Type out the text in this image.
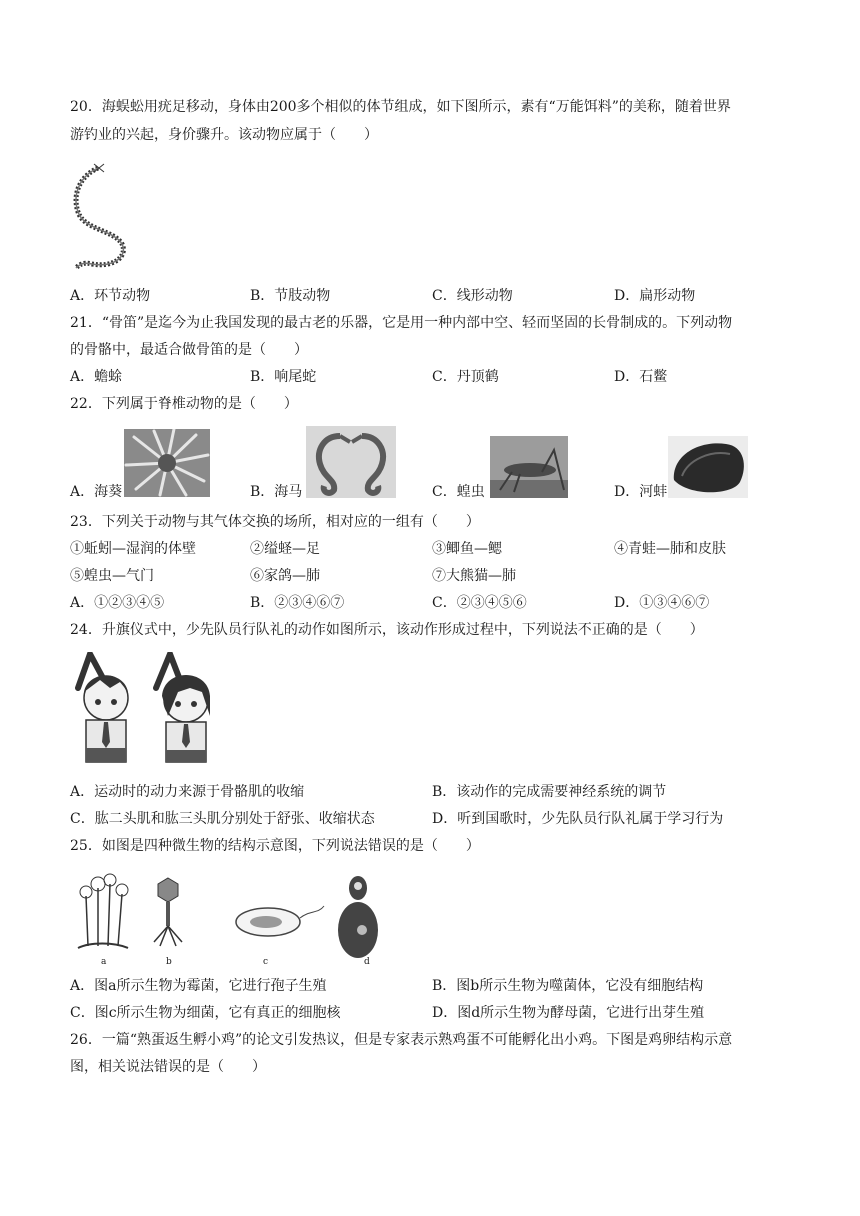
20．海蜈蚣用疣足移动，身体由200多个相似的体节组成，如下图所示，素有“万能饵料”的美称，随着世界
游钓业的兴起，身价骤升。该动物应属于（　　）
A．环节动物	B．节肢动物	C．线形动物	D．扁形动物
21．“骨笛”是迄今为止我国发现的最古老的乐器，它是用一种内部中空、轻而坚固的长骨制成的。下列动物
的骨骼中，最适合做骨笛的是（　　）
A．蟾蜍	B．响尾蛇	C．丹顶鹤	D．石鳖
22．下列属于脊椎动物的是（　　）
A．海葵	B．海马	C．蝗虫	D．河蚌
23．下列关于动物与其气体交换的场所，相对应的一组有（　　）
①蚯蚓—湿润的体壁	②缢蛏—足	③鲫鱼—鳃	④青蛙—肺和皮肤
⑤蝗虫—气门	⑥家鸽—肺	⑦大熊猫—肺
A．①②③④⑤	B．②③④⑥⑦	C．②③④⑤⑥	D．①③④⑥⑦
24．升旗仪式中，少先队员行队礼的动作如图所示，该动作形成过程中，下列说法不正确的是（　　）
A．运动时的动力来源于骨骼肌的收缩	B．该动作的完成需要神经系统的调节
C．肱二头肌和肱三头肌分别处于舒张、收缩状态	D．听到国歌时，少先队员行队礼属于学习行为
25．如图是四种微生物的结构示意图，下列说法错误的是（　　）
a	b	c	d
A．图a所示生物为霉菌，它进行孢子生殖	B．图b所示生物为噬菌体，它没有细胞结构
C．图c所示生物为细菌，它有真正的细胞核	D．图d所示生物为酵母菌，它进行出芽生殖
26．一篇“熟蛋返生孵小鸡”的论文引发热议，但是专家表示熟鸡蛋不可能孵化出小鸡。下图是鸡卵结构示意
图，相关说法错误的是（　　）
